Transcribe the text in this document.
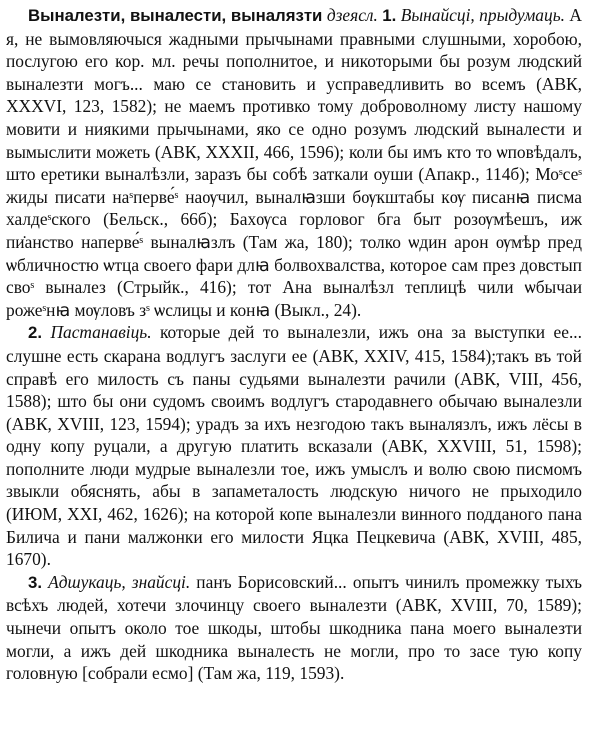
Выналезти, выналести, выналязти дзеясл. 1. Вынайсці, прыдумаць. А я, не вымовляючыся жадными прычынами правными слушными, хоробою, послугою его кор. мл. речы пополнитое, и никоторыми бы розум людский выналезти могъ... маю се становить и усправедливить во всемъ (АВК, XXXVI, 123, 1582); не маемъ противко тому доброволному листу нашому мовити и ниякими прычынами, яко се одно розумъ людский выналести и вымыслити можеть (АВК, XXXII, 466, 1596); коли бы имъ кто то ѡповѣдалъ, што еретики выналѣзли, заразъ бы собѣ заткали оуши (Апакр., 114б); Моˢсеˢ жиды писати наˢперве́ˢ наѹчил, выналꙗзши бѹкштабы кѹ писанꙗ писма халдеˢского (Бельск., 66б); Бахѹса горловог бга быт розѹмѣешъ, иж пи̇анство наперве́ˢ выналꙗзлъ (Там жа, 180); толко ѡдин арон ѹмѣр пред ѡбличностю ѡтца своего фари длꙗ болвохвалства, которое сам през довстып своˢ выналез (Стрыйк., 416); тот Ана выналѣзл теплицѣ чили ѡбычаи рожеˢнꙗ мѹловъ зˢ ѡслицы и конꙗ (Выкл., 24).

2. Пастанавіць. которые дей то выналезли, ижъ она за выступки ее... слушне есть скарана водлугъ заслуги ее (АВК, XXIV, 415, 1584);такъ въ той справѣ его милость съ паны судьями выналезти рачили (АВК, VIII, 456, 1588); што бы они судомъ своимъ водлугъ стародавнего обычаю выналезли (АВК, XVIII, 123, 1594); урадъ за ихъ незгодою такъ выналязлъ, ижъ лёсы в одну копу руцали, а другую платить всказали (АВК, XXVIII, 51, 1598); пополните люди мудрые выналезли тое, ижъ умыслъ и волю свою писмомъ звыкли обяснять, абы в запаметалость людскую ничого не прыходило (ИЮМ, XXI, 462, 1626); на которой копе выналезли винного подданого пана Билича и пани малжонки его милости Яцка Пецкевича (АВК, XVIII, 485, 1670).

3. Адшукаць, знайсці. панъ Борисовский... опытъ чинилъ промежку тыхъ всѣхъ людей, хотечи злочинцу своего выналезти (АВК, XVIII, 70, 1589); чынечи опытъ около тое шкоды, штобы шкодника пана моего выналезти могли, а ижъ дей шкодника выналесть не могли, про то засе тую копу головную [собрали есмо] (Там жа, 119, 1593).
